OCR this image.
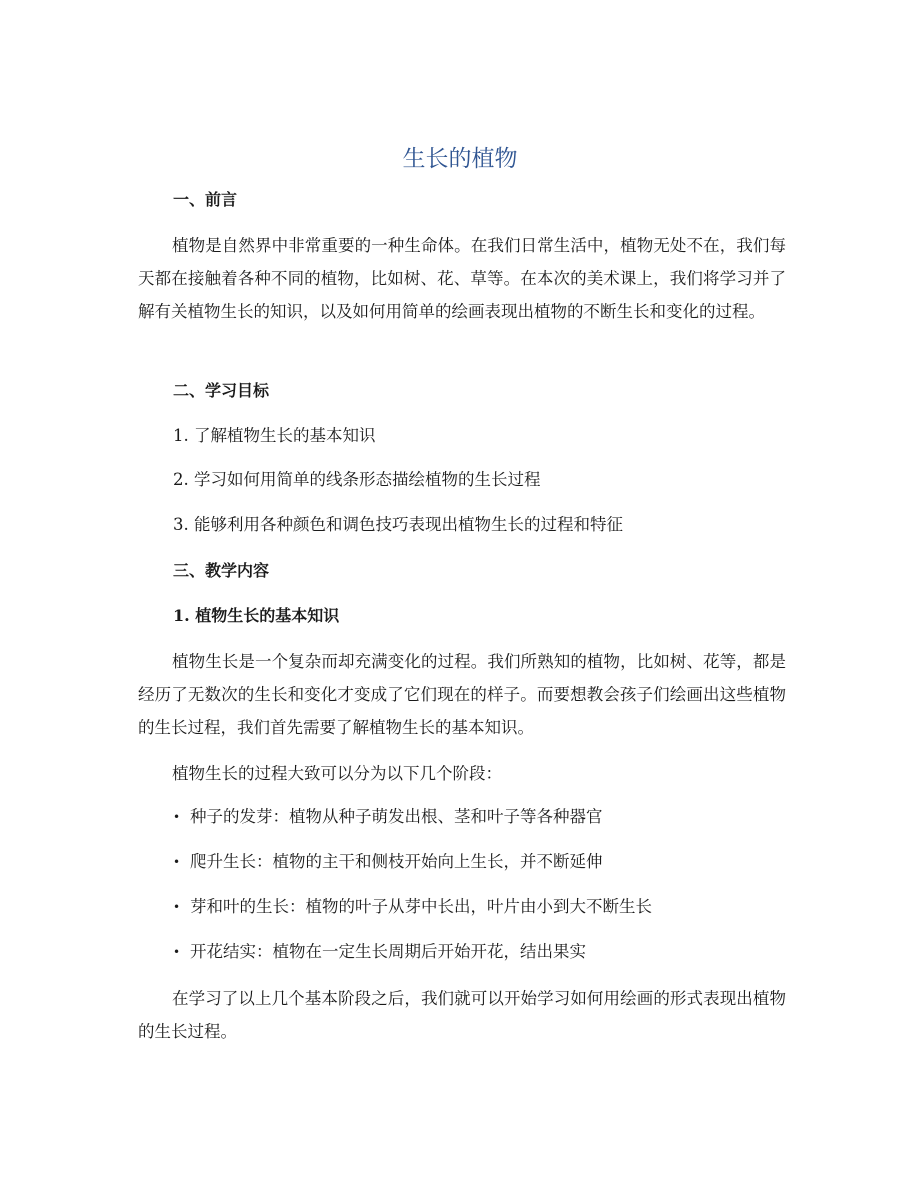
生长的植物
一、前言
植物是自然界中非常重要的一种生命体。在我们日常生活中，植物无处不在，我们每天都在接触着各种不同的植物，比如树、花、草等。在本次的美术课上，我们将学习并了解有关植物生长的知识，以及如何用简单的绘画表现出植物的不断生长和变化的过程。
二、学习目标
1. 了解植物生长的基本知识
2. 学习如何用简单的线条形态描绘植物的生长过程
3. 能够利用各种颜色和调色技巧表现出植物生长的过程和特征
三、教学内容
1. 植物生长的基本知识
植物生长是一个复杂而却充满变化的过程。我们所熟知的植物，比如树、花等，都是经历了无数次的生长和变化才变成了它们现在的样子。而要想教会孩子们绘画出这些植物的生长过程，我们首先需要了解植物生长的基本知识。
植物生长的过程大致可以分为以下几个阶段：
• 种子的发芽：植物从种子萌发出根、茎和叶子等各种器官
• 爬升生长：植物的主干和侧枝开始向上生长，并不断延伸
• 芽和叶的生长：植物的叶子从芽中长出，叶片由小到大不断生长
• 开花结实：植物在一定生长周期后开始开花，结出果实
在学习了以上几个基本阶段之后，我们就可以开始学习如何用绘画的形式表现出植物的生长过程。
